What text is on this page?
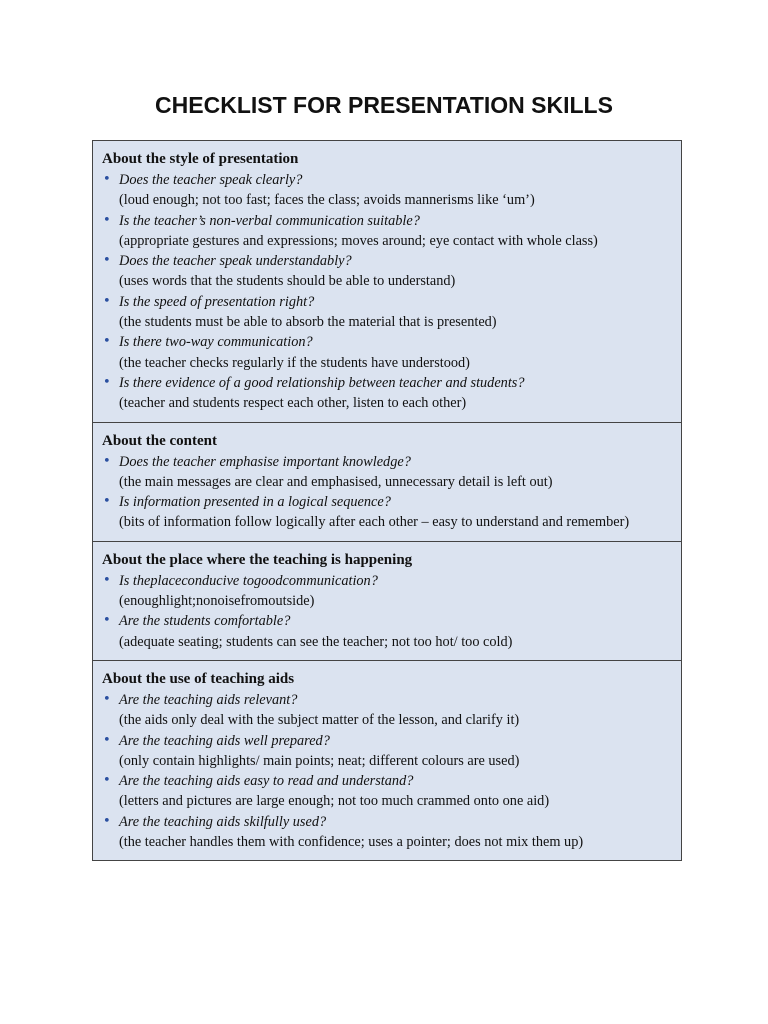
CHECKLIST FOR PRESENTATION SKILLS
About the style of presentation
• Does the teacher speak clearly?
(loud enough; not too fast; faces the class; avoids mannerisms like ‘um’)
• Is the teacher’s non-verbal communication suitable?
(appropriate gestures and expressions; moves around; eye contact with whole class)
• Does the teacher speak understandably?
(uses words that the students should be able to understand)
• Is the speed of presentation right?
(the students must be able to absorb the material that is presented)
• Is there two-way communication?
(the teacher checks regularly if the students have understood)
• Is there evidence of a good relationship between teacher and students?
(teacher and students respect each other, listen to each other)
About the content
• Does the teacher emphasise important knowledge?
(the main messages are clear and emphasised, unnecessary detail is left out)
• Is information presented in a logical sequence?
(bits of information follow logically after each other – easy to understand and remember)
About the place where the teaching is happening
• Is theplaceconducive togoodcommunication?
(enoughlight;nonoisefromoutside)
• Are the students comfortable?
(adequate seating; students can see the teacher; not too hot/ too cold)
About the use of teaching aids
• Are the teaching aids relevant?
(the aids only deal with the subject matter of the lesson, and clarify it)
• Are the teaching aids well prepared?
(only contain highlights/ main points; neat; different colours are used)
• Are the teaching aids easy to read and understand?
(letters and pictures are large enough; not too much crammed onto one aid)
• Are the teaching aids skilfully used?
(the teacher handles them with confidence; uses a pointer; does not mix them up)
